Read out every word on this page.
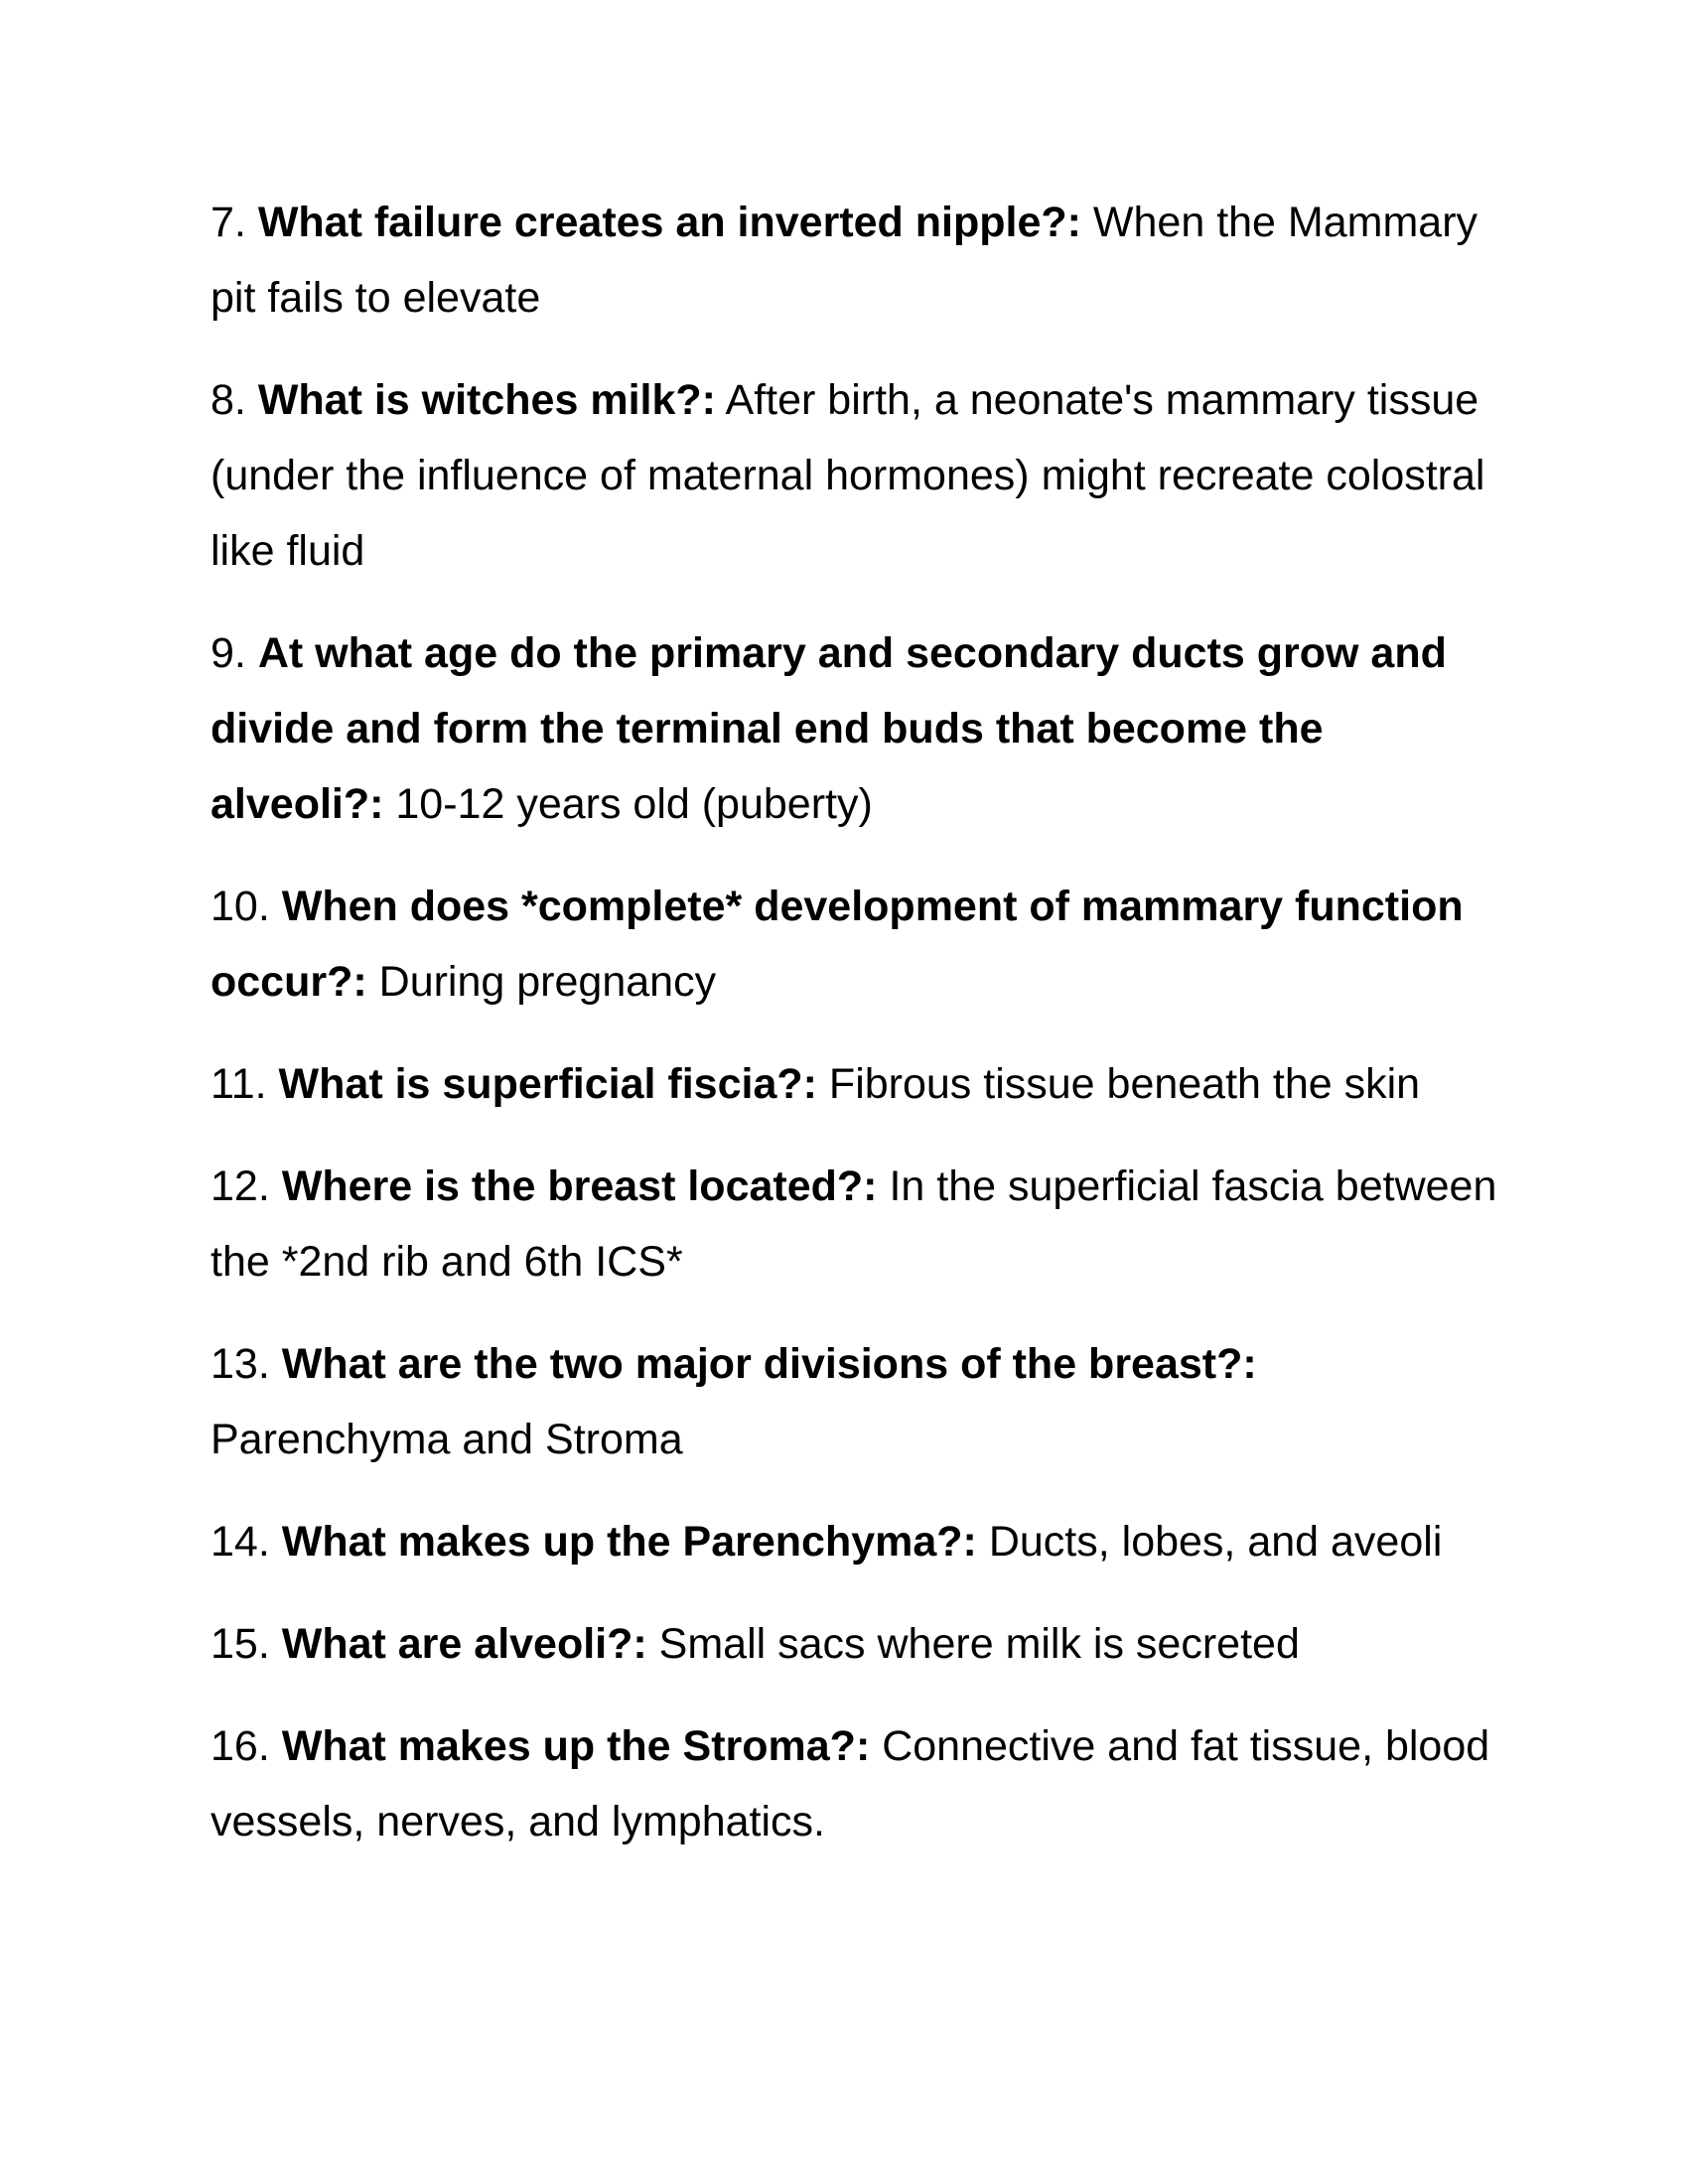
7. What failure creates an inverted nipple?: When the Mammary pit fails to elevate

8. What is witches milk?: After birth, a neonate's mammary tissue (under the influence of maternal hormones) might recreate colostral like fluid

9. At what age do the primary and secondary ducts grow and divide and form the terminal end buds that become the alveoli?: 10-12 years old (puberty)

10. When does *complete* development of mammary function occur?: During pregnancy

11. What is superficial fiscia?: Fibrous tissue beneath the skin

12. Where is the breast located?: In the superficial fascia between the *2nd rib and 6th ICS*

13. What are the two major divisions of the breast?: Parenchyma and Stroma

14. What makes up the Parenchyma?: Ducts, lobes, and aveoli

15. What are alveoli?: Small sacs where milk is secreted

16. What makes up the Stroma?: Connective and fat tissue, blood vessels, nerves, and lymphatics.
